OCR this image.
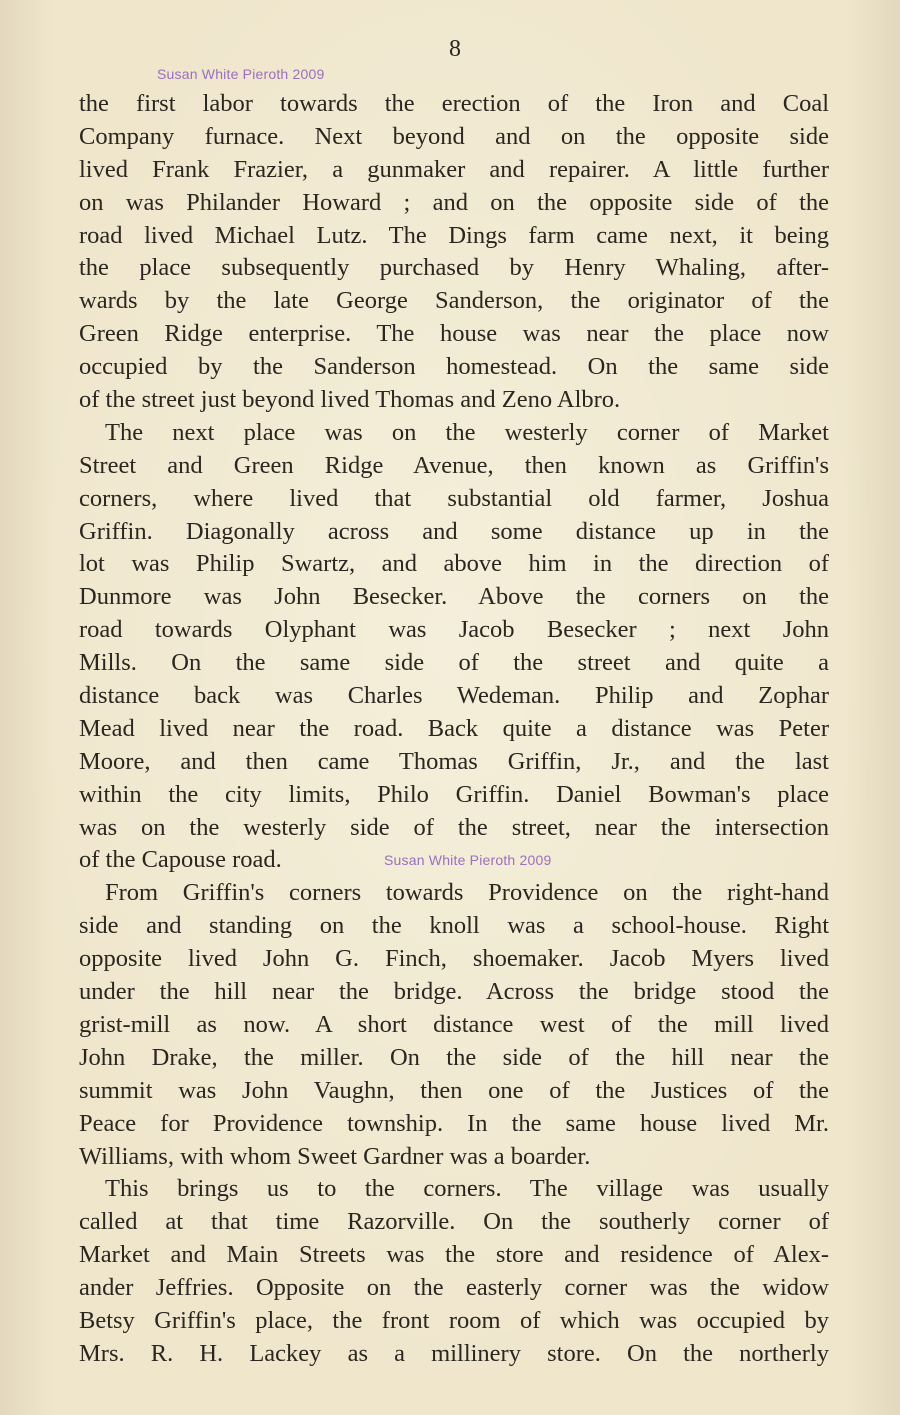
8
Susan White Pieroth 2009
Susan White Pieroth 2009

the first labor towards the erection of the Iron and Coal
Company furnace. Next beyond and on the opposite side
lived Frank Frazier, a gunmaker and repairer. A little further
on was Philander Howard ; and on the opposite side of the
road lived Michael Lutz. The Dings farm came next, it being
the place subsequently purchased by Henry Whaling, after-
wards by the late George Sanderson, the originator of the
Green Ridge enterprise. The house was near the place now
occupied by the Sanderson homestead. On the same side
of the street just beyond lived Thomas and Zeno Albro.

The next place was on the westerly corner of Market
Street and Green Ridge Avenue, then known as Griffin's
corners, where lived that substantial old farmer, Joshua
Griffin. Diagonally across and some distance up in the
lot was Philip Swartz, and above him in the direction of
Dunmore was John Besecker. Above the corners on the
road towards Olyphant was Jacob Besecker ; next John
Mills. On the same side of the street and quite a
distance back was Charles Wedeman. Philip and Zophar
Mead lived near the road. Back quite a distance was Peter
Moore, and then came Thomas Griffin, Jr., and the last
within the city limits, Philo Griffin. Daniel Bowman's place
was on the westerly side of the street, near the intersection
of the Capouse road.

From Griffin's corners towards Providence on the right-hand
side and standing on the knoll was a school-house. Right
opposite lived John G. Finch, shoemaker. Jacob Myers lived
under the hill near the bridge. Across the bridge stood the
grist-mill as now. A short distance west of the mill lived
John Drake, the miller. On the side of the hill near the
summit was John Vaughn, then one of the Justices of the
Peace for Providence township. In the same house lived Mr.
Williams, with whom Sweet Gardner was a boarder.

This brings us to the corners. The village was usually
called at that time Razorville. On the southerly corner of
Market and Main Streets was the store and residence of Alex-
ander Jeffries. Opposite on the easterly corner was the widow
Betsy Griffin's place, the front room of which was occupied by
Mrs. R. H. Lackey as a millinery store. On the northerly
